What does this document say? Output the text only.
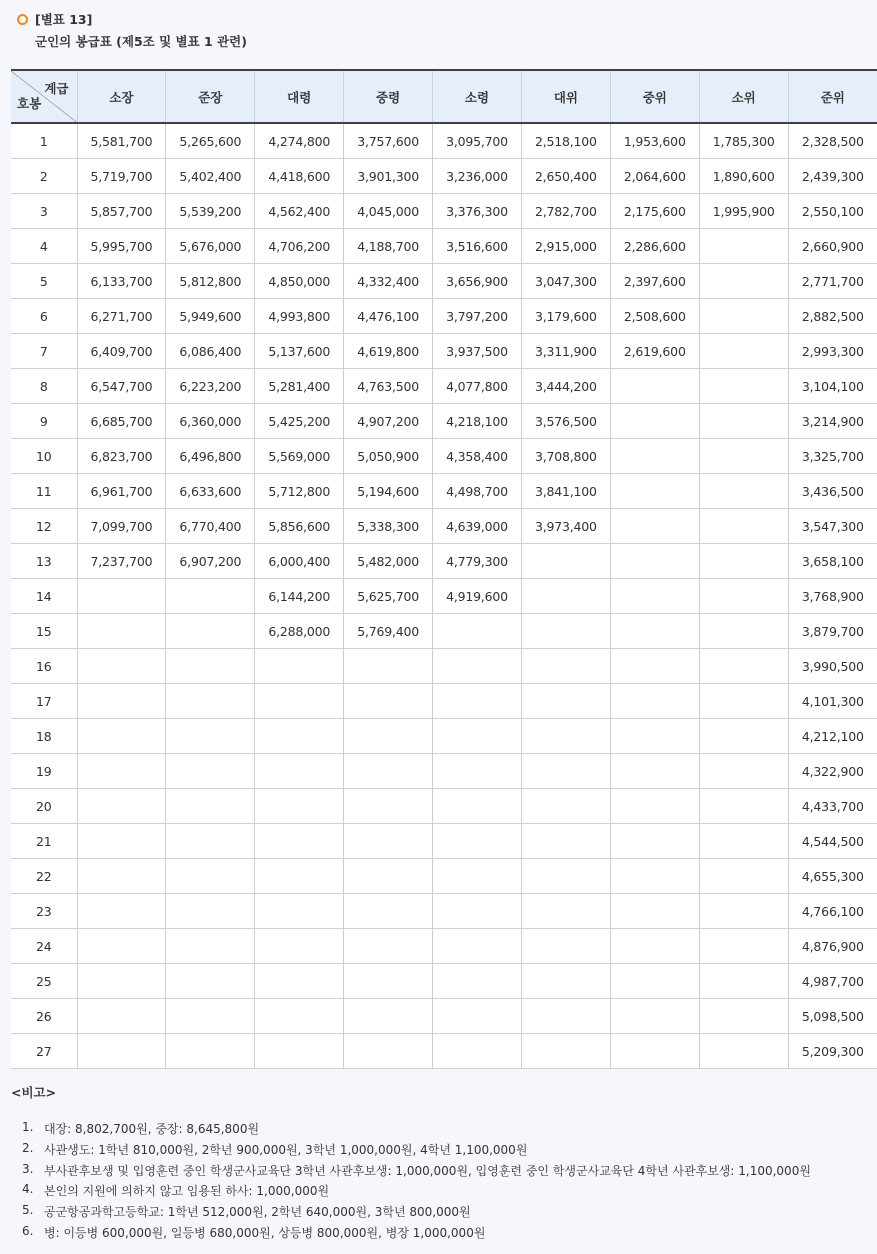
[별표 13]
군인의 봉급표 (제5조 및 별표 1 관련)
계급
호봉	소장	준장	대령	중령	소령	대위	중위	소위	준위
1	5,581,700	5,265,600	4,274,800	3,757,600	3,095,700	2,518,100	1,953,600	1,785,300	2,328,500
2	5,719,700	5,402,400	4,418,600	3,901,300	3,236,000	2,650,400	2,064,600	1,890,600	2,439,300
3	5,857,700	5,539,200	4,562,400	4,045,000	3,376,300	2,782,700	2,175,600	1,995,900	2,550,100
4	5,995,700	5,676,000	4,706,200	4,188,700	3,516,600	2,915,000	2,286,600		2,660,900
5	6,133,700	5,812,800	4,850,000	4,332,400	3,656,900	3,047,300	2,397,600		2,771,700
6	6,271,700	5,949,600	4,993,800	4,476,100	3,797,200	3,179,600	2,508,600		2,882,500
7	6,409,700	6,086,400	5,137,600	4,619,800	3,937,500	3,311,900	2,619,600		2,993,300
8	6,547,700	6,223,200	5,281,400	4,763,500	4,077,800	3,444,200			3,104,100
9	6,685,700	6,360,000	5,425,200	4,907,200	4,218,100	3,576,500			3,214,900
10	6,823,700	6,496,800	5,569,000	5,050,900	4,358,400	3,708,800			3,325,700
11	6,961,700	6,633,600	5,712,800	5,194,600	4,498,700	3,841,100			3,436,500
12	7,099,700	6,770,400	5,856,600	5,338,300	4,639,000	3,973,400			3,547,300
13	7,237,700	6,907,200	6,000,400	5,482,000	4,779,300				3,658,100
14			6,144,200	5,625,700	4,919,600				3,768,900
15			6,288,000	5,769,400					3,879,700
16									3,990,500
17									4,101,300
18									4,212,100
19									4,322,900
20									4,433,700
21									4,544,500
22									4,655,300
23									4,766,100
24									4,876,900
25									4,987,700
26									5,098,500
27									5,209,300
<비고>
1. 대장: 8,802,700원, 중장: 8,645,800원
2. 사관생도: 1학년 810,000원, 2학년 900,000원, 3학년 1,000,000원, 4학년 1,100,000원
3. 부사관후보생 및 입영훈련 중인 학생군사교육단 3학년 사관후보생: 1,000,000원, 입영훈련 중인 학생군사교육단 4학년 사관후보생: 1,100,000원
4. 본인의 지원에 의하지 않고 임용된 하사: 1,000,000원
5. 공군항공과학고등학교: 1학년 512,000원, 2학년 640,000원, 3학년 800,000원
6. 병: 이등병 600,000원, 일등병 680,000원, 상등병 800,000원, 병장 1,000,000원
